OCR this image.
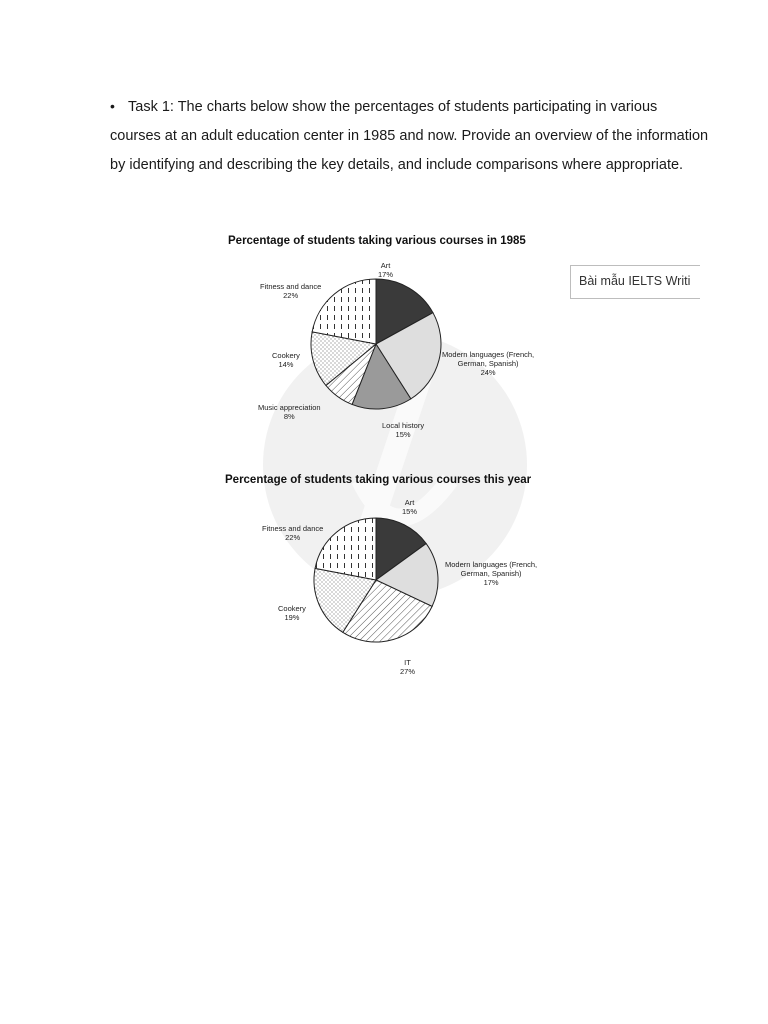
• Task 1: The charts below show the percentages of students participating in various courses at an adult education center in 1985 and now. Provide an overview of the information by identifying and describing the key details, and include comparisons where appropriate.
Percentage of students taking various courses in 1985
Art
17%
Modern languages (French,
German, Spanish)
24%
Local history
15%
Music appreciation
8%
Cookery
14%
Fitness and dance
22%
Percentage of students taking various courses this year
Art
15%
Modern languages (French,
German, Spanish)
17%
IT
27%
Cookery
19%
Fitness and dance
22%
Bài mẫu IELTS Writi
